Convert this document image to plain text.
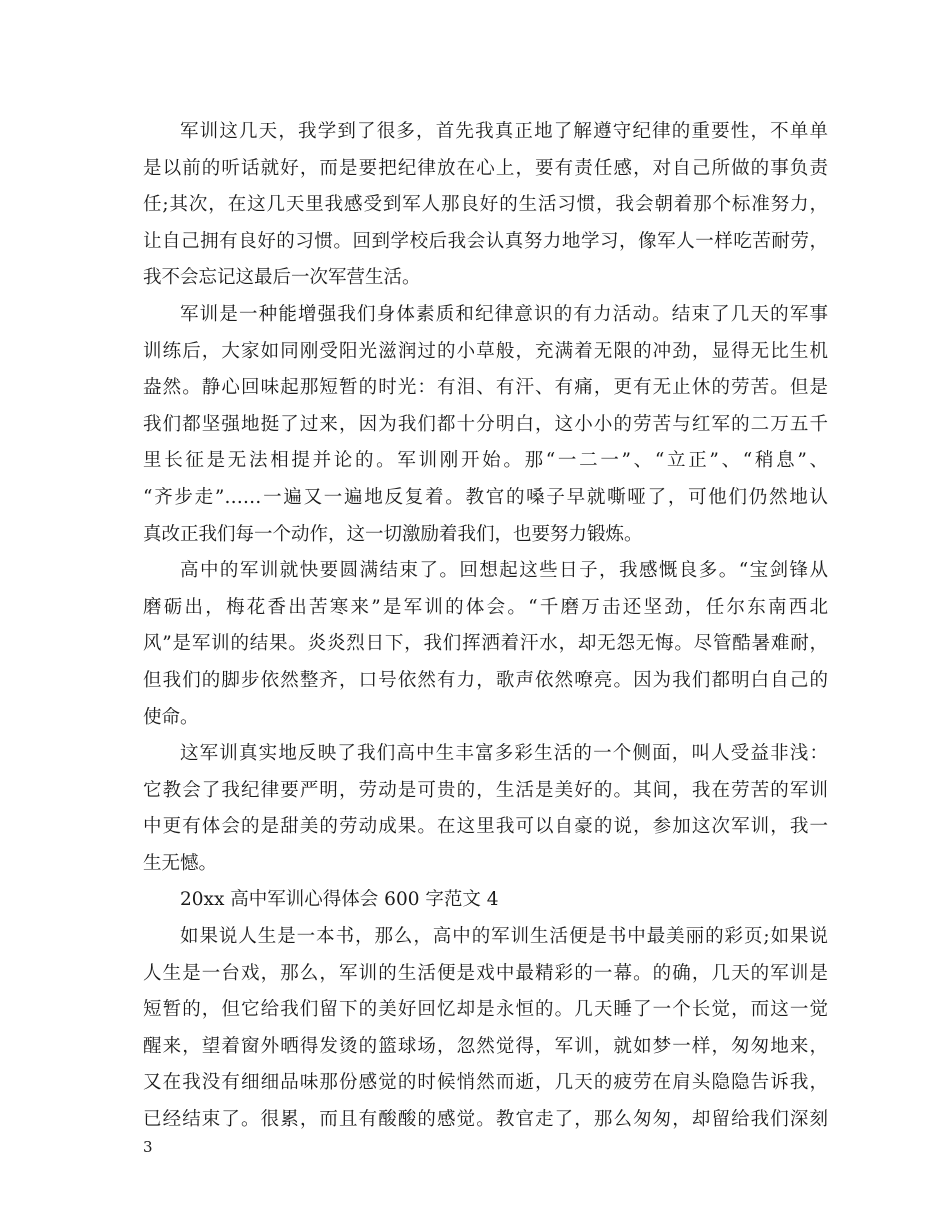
军训这几天，我学到了很多，首先我真正地了解遵守纪律的重要性，不单单
是以前的听话就好，而是要把纪律放在心上，要有责任感，对自己所做的事负责
任;其次，在这几天里我感受到军人那良好的生活习惯，我会朝着那个标准努力，
让自己拥有良好的习惯。回到学校后我会认真努力地学习，像军人一样吃苦耐劳，
我不会忘记这最后一次军营生活。
军训是一种能增强我们身体素质和纪律意识的有力活动。结束了几天的军事
训练后，大家如同刚受阳光滋润过的小草般，充满着无限的冲劲，显得无比生机
盎然。静心回味起那短暂的时光：有泪、有汗、有痛，更有无止休的劳苦。但是
我们都坚强地挺了过来，因为我们都十分明白，这小小的劳苦与红军的二万五千
里长征是无法相提并论的。军训刚开始。那“一二一”、“立正”、“稍息”、
“齐步走”……一遍又一遍地反复着。教官的嗓子早就嘶哑了，可他们仍然地认
真改正我们每一个动作，这一切激励着我们，也要努力锻炼。
高中的军训就快要圆满结束了。回想起这些日子，我感慨良多。“宝剑锋从
磨砺出，梅花香出苦寒来”是军训的体会。“千磨万击还坚劲，任尔东南西北
风”是军训的结果。炎炎烈日下，我们挥洒着汗水，却无怨无悔。尽管酷暑难耐，
但我们的脚步依然整齐，口号依然有力，歌声依然嘹亮。因为我们都明白自己的
使命。
这军训真实地反映了我们高中生丰富多彩生活的一个侧面，叫人受益非浅：
它教会了我纪律要严明，劳动是可贵的，生活是美好的。其间，我在劳苦的军训
中更有体会的是甜美的劳动成果。在这里我可以自豪的说，参加这次军训，我一
生无憾。
20xx 高中军训心得体会 600 字范文 4
如果说人生是一本书，那么，高中的军训生活便是书中最美丽的彩页;如果说
人生是一台戏，那么，军训的生活便是戏中最精彩的一幕。的确，几天的军训是
短暂的，但它给我们留下的美好回忆却是永恒的。几天睡了一个长觉，而这一觉
醒来，望着窗外晒得发烫的篮球场，忽然觉得，军训，就如梦一样，匆匆地来，
又在我没有细细品味那份感觉的时候悄然而逝，几天的疲劳在肩头隐隐告诉我，
已经结束了。很累，而且有酸酸的感觉。教官走了，那么匆匆，却留给我们深刻
3
